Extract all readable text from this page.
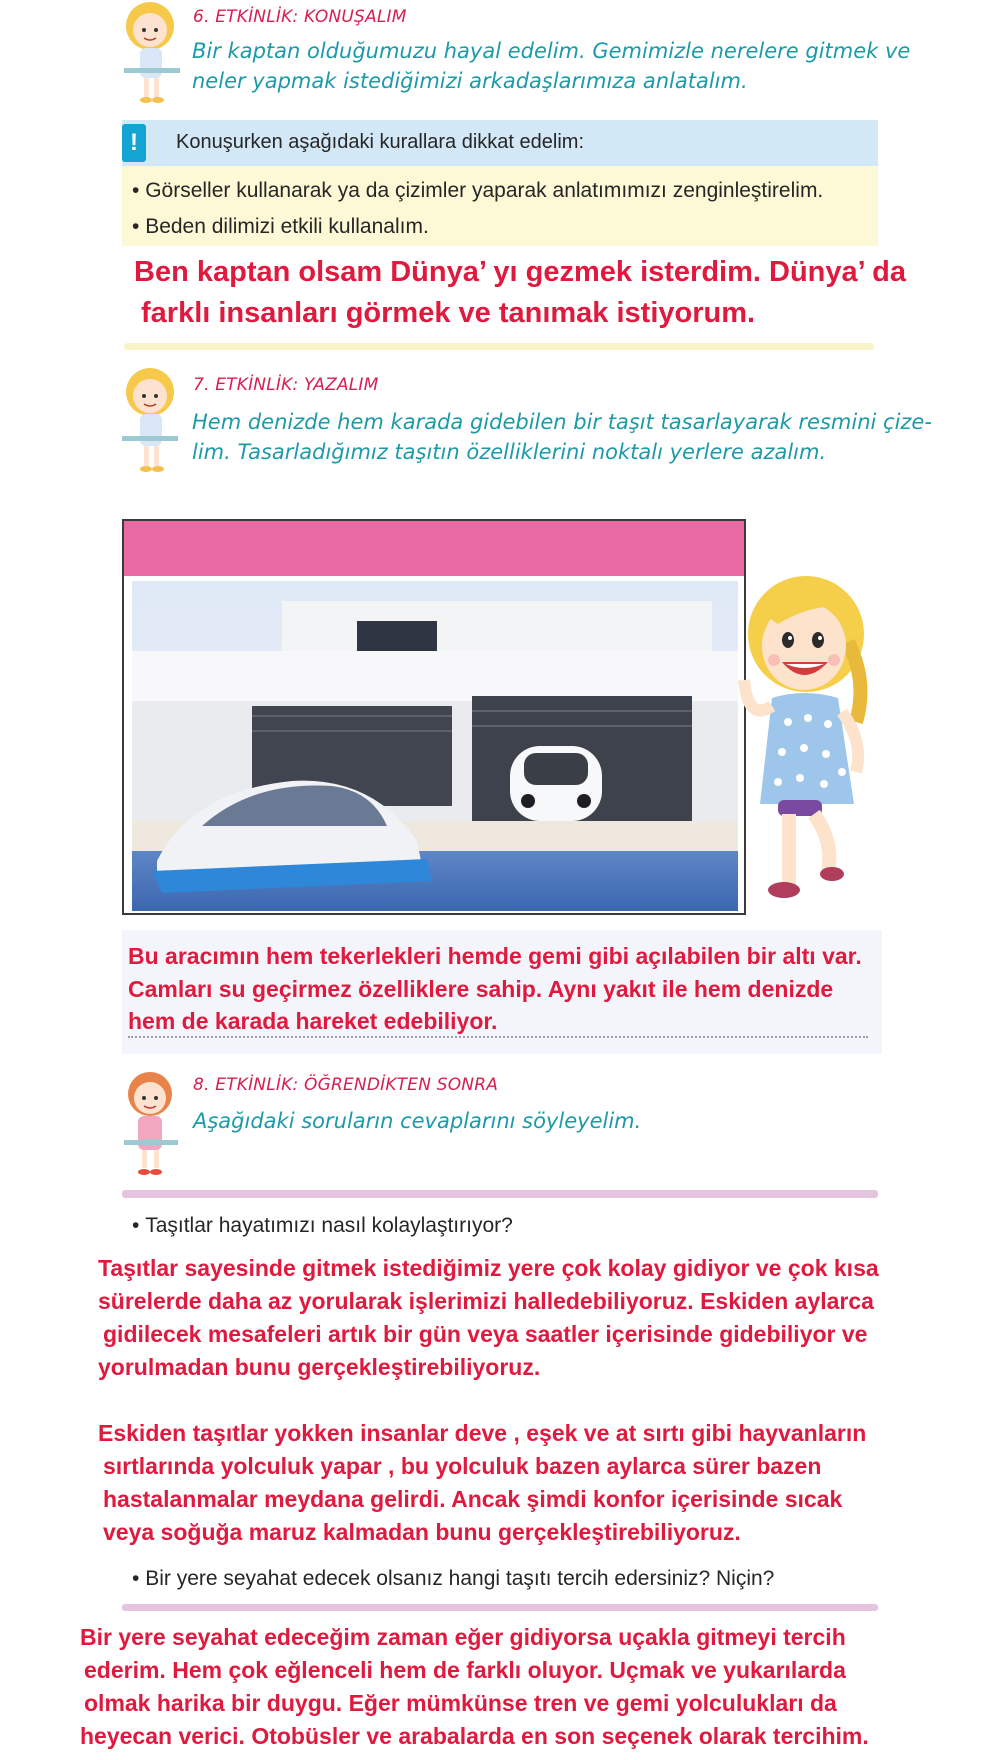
6. ETKİNLİK: KONUŞALIM
Bir kaptan olduğumuzu hayal edelim. Gemimizle nerelere gitmek ve
neler yapmak istediğimizi arkadaşlarımıza anlatalım.
!	Konuşurken aşağıdaki kurallara dikkat edelim:
• Görseller kullanarak ya da çizimler yaparak anlatımımızı zenginleştirelim.
• Beden dilimizi etkili kullanalım.
Ben kaptan olsam Dünya’ yı gezmek isterdim. Dünya’ da
farklı insanları görmek ve tanımak istiyorum.
7. ETKİNLİK: YAZALIM
Hem denizde hem karada gidebilen bir taşıt tasarlayarak resmini çize-
lim. Tasarladığımız taşıtın özelliklerini noktalı yerlere azalım.
Bu aracımın hem tekerlekleri hemde gemi gibi açılabilen bir altı var.
Camları su geçirmez özelliklere sahip. Aynı yakıt ile hem denizde
hem de karada hareket edebiliyor.
8. ETKİNLİK: ÖĞRENDİKTEN SONRA
Aşağıdaki soruların cevaplarını söyleyelim.
• Taşıtlar hayatımızı nasıl kolaylaştırıyor?
Taşıtlar sayesinde gitmek istediğimiz yere çok kolay gidiyor ve çok kısa
sürelerde daha az yorularak işlerimizi halledebiliyoruz. Eskiden aylarca
gidilecek mesafeleri artık bir gün veya saatler içerisinde gidebiliyor ve
yorulmadan bunu gerçekleştirebiliyoruz.
Eskiden taşıtlar yokken insanlar deve , eşek ve at sırtı gibi hayvanların
sırtlarında yolculuk yapar , bu yolculuk bazen aylarca sürer bazen
hastalanmalar meydana gelirdi. Ancak şimdi konfor içerisinde sıcak
veya soğuğa maruz kalmadan bunu gerçekleştirebiliyoruz.
• Bir yere seyahat edecek olsanız hangi taşıtı tercih edersiniz? Niçin?
Bir yere seyahat edeceğim zaman eğer gidiyorsa uçakla gitmeyi tercih
ederim. Hem çok eğlenceli hem de farklı oluyor. Uçmak ve yukarılarda
olmak harika bir duygu. Eğer mümkünse tren ve gemi yolculukları da
heyecan verici. Otobüsler ve arabalarda en son seçenek olarak tercihim.
